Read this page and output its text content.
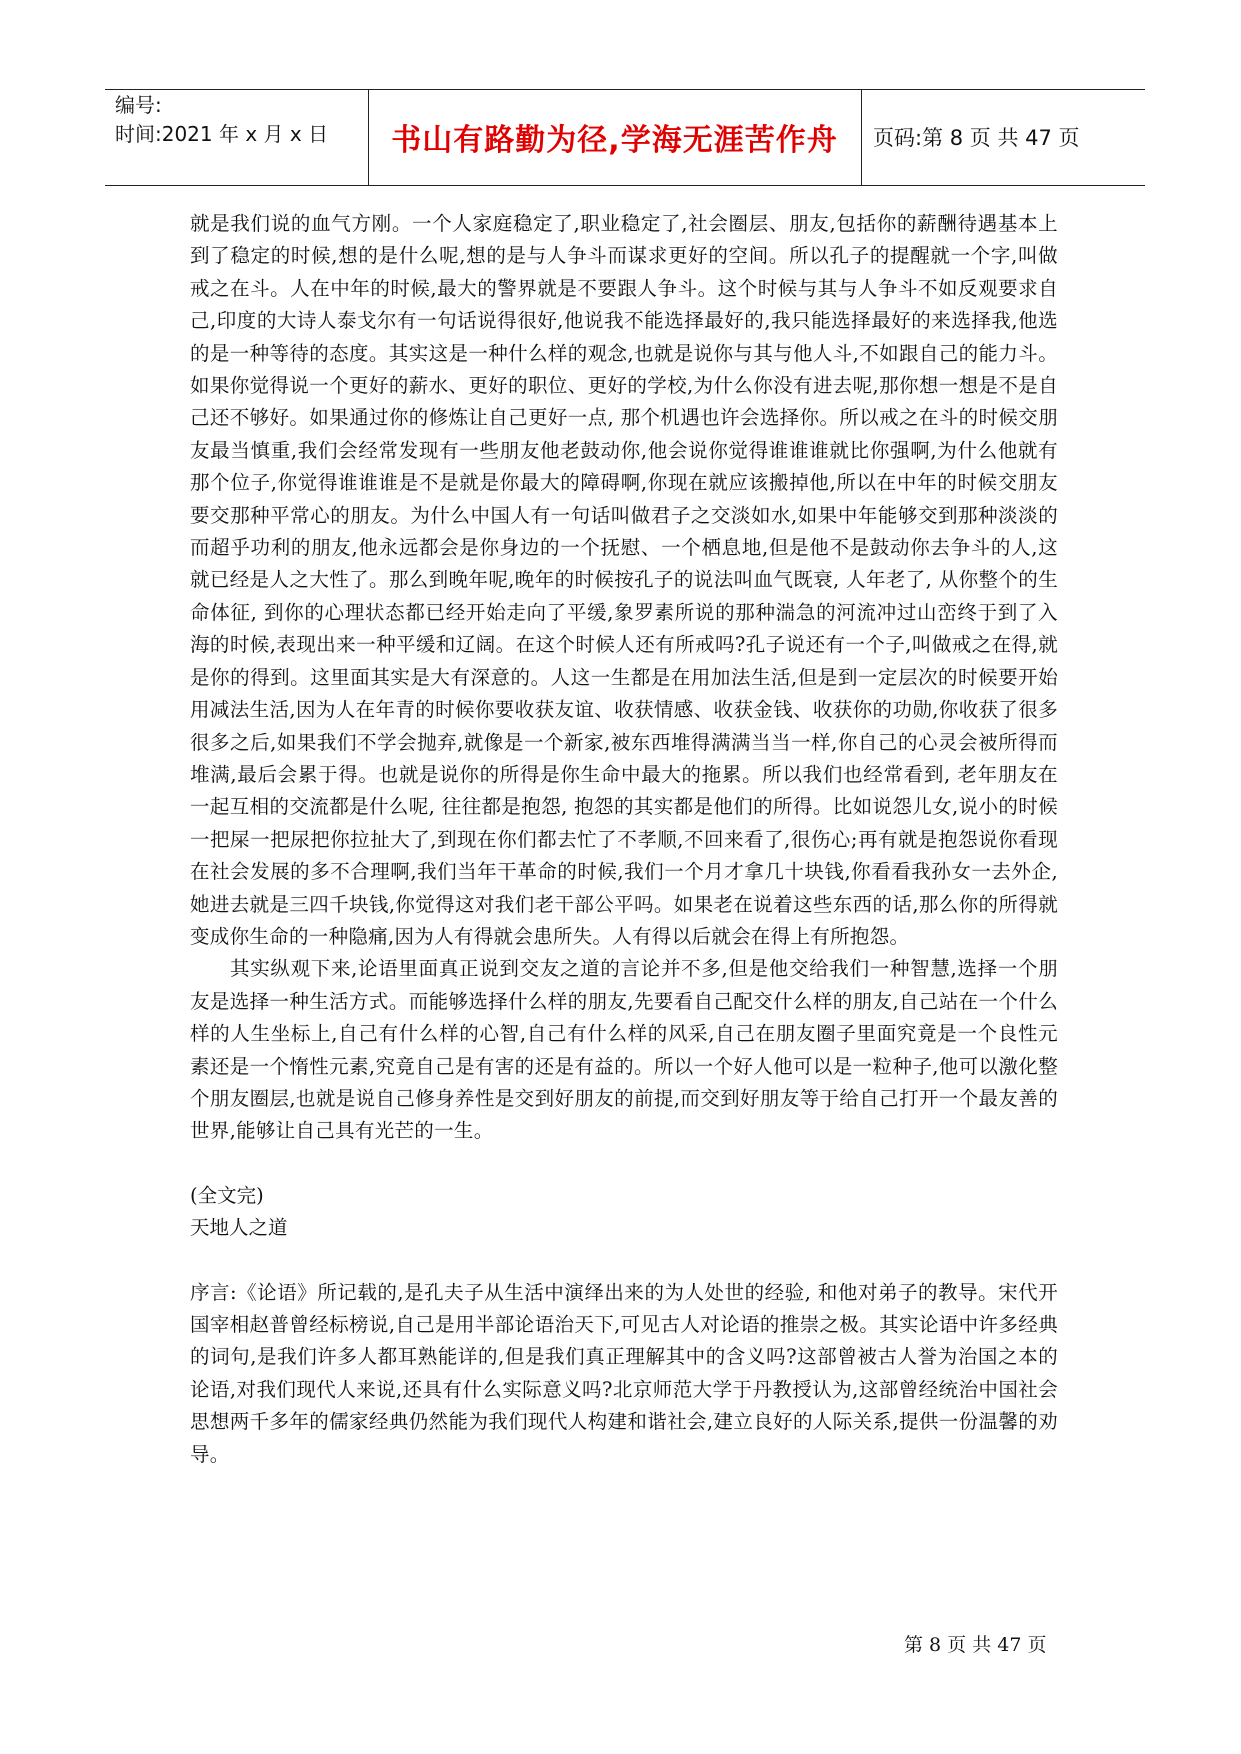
编号:
时间:2021 年 x 月 x 日	书山有路勤为径,学海无涯苦作舟	页码:第 8 页 共 47 页

就是我们说的血气方刚。一个人家庭稳定了,职业稳定了,社会圈层、朋友,包括你的薪酬待遇基本上到了稳定的时候,想的是什么呢,想的是与人争斗而谋求更好的空间。所以孔子的提醒就一个字,叫做戒之在斗。人在中年的时候,最大的警界就是不要跟人争斗。这个时候与其与人争斗不如反观要求自己,印度的大诗人泰戈尔有一句话说得很好,他说我不能选择最好的,我只能选择最好的来选择我,他选的是一种等待的态度。其实这是一种什么样的观念,也就是说你与其与他人斗,不如跟自己的能力斗。如果你觉得说一个更好的薪水、更好的职位、更好的学校,为什么你没有进去呢,那你想一想是不是自己还不够好。如果通过你的修炼让自己更好一点, 那个机遇也许会选择你。所以戒之在斗的时候交朋友最当慎重,我们会经常发现有一些朋友他老鼓动你,他会说你觉得谁谁谁就比你强啊,为什么他就有那个位子,你觉得谁谁谁是不是就是你最大的障碍啊,你现在就应该搬掉他,所以在中年的时候交朋友要交那种平常心的朋友。为什么中国人有一句话叫做君子之交淡如水,如果中年能够交到那种淡淡的而超乎功利的朋友,他永远都会是你身边的一个抚慰、一个栖息地,但是他不是鼓动你去争斗的人,这就已经是人之大性了。那么到晚年呢,晚年的时候按孔子的说法叫血气既衰, 人年老了, 从你整个的生命体征, 到你的心理状态都已经开始走向了平缓,象罗素所说的那种湍急的河流冲过山峦终于到了入海的时候,表现出来一种平缓和辽阔。在这个时候人还有所戒吗?孔子说还有一个子,叫做戒之在得,就是你的得到。这里面其实是大有深意的。人这一生都是在用加法生活,但是到一定层次的时候要开始用减法生活,因为人在年青的时候你要收获友谊、收获情感、收获金钱、收获你的功勋,你收获了很多很多之后,如果我们不学会抛弃,就像是一个新家,被东西堆得满满当当一样,你自己的心灵会被所得而堆满,最后会累于得。也就是说你的所得是你生命中最大的拖累。所以我们也经常看到, 老年朋友在一起互相的交流都是什么呢, 往往都是抱怨, 抱怨的其实都是他们的所得。比如说怨儿女,说小的时候一把屎一把尿把你拉扯大了,到现在你们都去忙了不孝顺,不回来看了,很伤心;再有就是抱怨说你看现在社会发展的多不合理啊,我们当年干革命的时候,我们一个月才拿几十块钱,你看看我孙女一去外企,她进去就是三四千块钱,你觉得这对我们老干部公平吗。如果老在说着这些东西的话,那么你的所得就变成你生命的一种隐痛,因为人有得就会患所失。人有得以后就会在得上有所抱怨。

其实纵观下来,论语里面真正说到交友之道的言论并不多,但是他交给我们一种智慧,选择一个朋友是选择一种生活方式。而能够选择什么样的朋友,先要看自己配交什么样的朋友,自己站在一个什么样的人生坐标上,自己有什么样的心智,自己有什么样的风采,自己在朋友圈子里面究竟是一个良性元素还是一个惰性元素,究竟自己是有害的还是有益的。所以一个好人他可以是一粒种子,他可以激化整个朋友圈层,也就是说自己修身养性是交到好朋友的前提,而交到好朋友等于给自己打开一个最友善的世界,能够让自己具有光芒的一生。

(全文完)

天地人之道

序言:《论语》所记载的,是孔夫子从生活中演绎出来的为人处世的经验, 和他对弟子的教导。宋代开国宰相赵普曾经标榜说,自己是用半部论语治天下,可见古人对论语的推崇之极。其实论语中许多经典的词句,是我们许多人都耳熟能详的,但是我们真正理解其中的含义吗?这部曾被古人誉为治国之本的论语,对我们现代人来说,还具有什么实际意义吗?北京师范大学于丹教授认为,这部曾经统治中国社会思想两千多年的儒家经典仍然能为我们现代人构建和谐社会,建立良好的人际关系,提供一份温馨的劝导。

第 8 页 共 47 页
